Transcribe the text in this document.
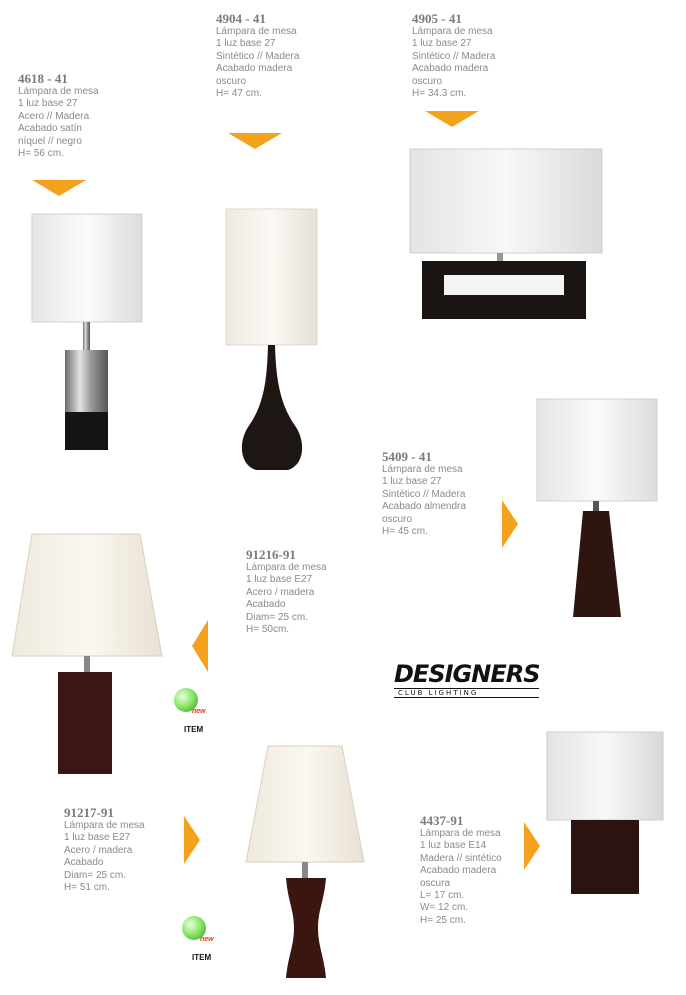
4618 - 41
Lámpara de mesa
1 luz base 27
Acero // Madera
Acabado satín
níquel // negro
H= 56 cm.
4904 - 41
Lámpara de mesa
1 luz base 27
Sintético // Madera
Acabado madera
oscuro
H= 47 cm.
4905 - 41
Lámpara de mesa
1 luz base 27
Sintético // Madera
Acabado madera
oscuro
H= 34.3 cm.
5409 - 41
Lámpara de mesa
1 luz base 27
Sintético // Madera
Acabado almendra
oscuro
H= 45 cm.
91216-91
Lámpara de mesa
1 luz base E27
Acero / madera
Acabado
Diam= 25 cm.
H= 50cm.
new
ITEM
DESIGNERS
CLUB LIGHTING
91217-91
Lámpara de mesa
1 luz base E27
Acero / madera
Acabado
Diam= 25 cm.
H= 51 cm.
new
ITEM
4437-91
Lámpara de mesa
1 luz base E14
Madera // sintético
Acabado madera
oscura
L= 17 cm.
W= 12 cm.
H= 25 cm.
